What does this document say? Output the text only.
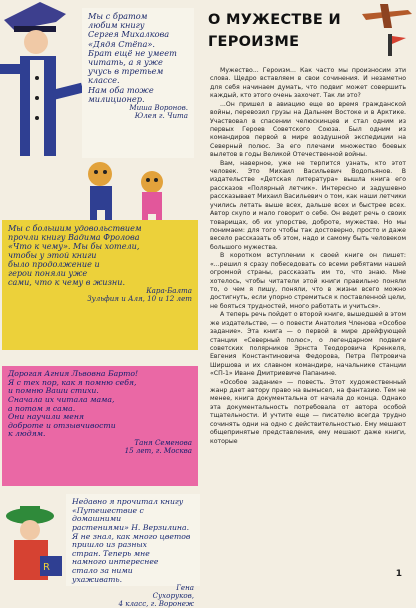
Мы с братом
любим книгу
Сергея Михалкова
«Дядя Стёпа».
Брат ещё не умеет
читать, а я уже
учусь в третьем
классе.
Нам оба тоже
милиционер.

Миша Воронов.
Юлея г. Чита

Мы с большим удовольствием
прочли книгу Вадима Фролова
«Что к чему». Мы бы хотели,
чтобы у этой книги
было продолжение и
герои поняли уже
сами, что к чему в жизни.

Кара-Балта
Зульфия и Аля, 10 и 12 лет

Дорогая Агния Львовна Барто!
Я с тех пор, как я помню себя,
и помню Ваши стихи.
Сначала их читала мама,
а потом я сама.
Они научили меня
доброте и отзывчивости
к людям.

Таня Семенова
15 лет, г. Москва
R

Недавно я прочитал книгу
«Путешествие с домашними
растениями» Н. Верзилина.
Я не знал, как много цветов
пришло из разных
стран. Теперь мне
намного интереснее
стало за ними
ухаживать.

Гена
Сухоруков,
4 класс, г. Воронеж
О МУЖЕСТВЕ И
ГЕРОИЗМЕ

Мужество... Героизм... Как часто мы произносим эти слова. Щедро вставляем в свои сочинения. И незаметно для себя начинаем думать, что подвиг может совершить каждый, кто этого очень захочет. Так ли это?

...Он пришел в авиацию еще во время гражданской войны, перевозил грузы на Дальнем Востоке и в Арктике. Участвовал в спасении челюскинцев и стал одним из первых Героев Советского Союза. Был одним из командиров первой в мире воздушной экспедиции на Северный полюс. За его плечами множество боевых вылетов в годы Великой Отечественной войны.

Вам, наверное, уже не терпится узнать, кто этот человек. Это Михаил Васильевич Водопьянов. В издательстве «Детская литература» вышла книга его рассказов «Полярный летчик». Интересно и задушевно рассказывает Михаил Васильевич о том, как наши летчики учились летать выше всех, дальше всех и быстрее всех. Автор скупо и мало говорит о себе. Он ведет речь о своих товарищах, об их упорстве, доброте, мужестве. Но мы понимаем: для того чтобы так достоверно, просто и даже весело рассказать об этом, надо и самому быть человеком большого мужества.

В коротком вступлении к своей книге он пишет: «...решил я сразу побеседовать со всеми ребятами нашей огромной страны, рассказать им то, что знаю. Мне хотелось, чтобы читатели этой книги правильно поняли то, о чем я пишу, поняли, что в жизни всего можно достигнуть, если упорно стремиться к поставленной цели, не бояться трудностей, много работать и учиться».

А теперь речь пойдет о второй книге, вышедшей в этом же издательстве, — о повести Анатолия Членова «Особое задание». Эта книга — о первой в мире дрейфующей станции «Северный полюс», о легендарном подвиге советских полярников Эрнста Теодоровича Кренкеля, Евгения Константиновича Федорова, Петра Петровича Ширшова и их славном командире, начальнике станции «СП-1» Иване Дмитриевиче Папанине.

«Особое задание» — повесть. Этот художественный жанр дает автору право на вымысел, на фантазию. Тем не менее, книга документальна от начала до конца. Однако эта документальность потребовала от автора особой тщательности. И учтите еще — писателю всегда трудно сочинять одни на одно с действительностью. Ему мешают общепринятые представления, ему мешают даже книги, которые

1
